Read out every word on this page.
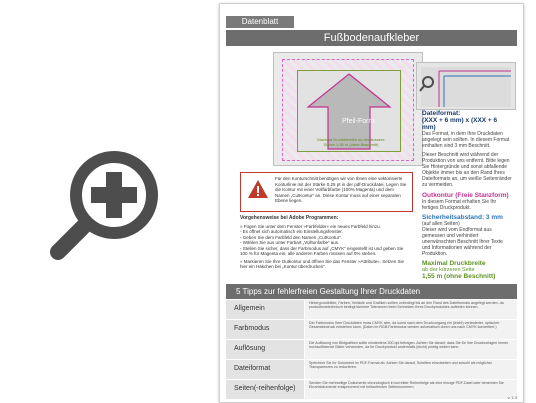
Datenblatt
Fußbodenaufkleber
Pfeil-Form
Maximal Druckbereich so der äussere Sicher 1,55 m (ohne Beschnitt)
Dateiformat:
(XXX + 6 mm) x (XXX + 6 mm)
Das Format, in dem Ihre Druckdaten angelegt sein sollten. In diesem Format enthalten sind 3 mm Beschnitt.
Dieser Beschnitt wird während der Produktion von uns entfernt. Bitte legen Sie Hintergründe und sonst abfallende Objekte immer bis an den Rand Ihres Dateiformats an, um weiße Seitenränder zu vermeiden.
Outkontur (Freie Stanzform)
In diesem Format erhalten Sie Ihr fertiges Druckprodukt.
Sicherheitsabstand: 3 mm
(auf allen Seiten)
Dieser wird vom Endformat aus gemessen und verhindert unerwünschten Beschnitt Ihrer Texte und Informationen während der Produktion.
Maximal Druckbreite
ab der kürzeren Seite
1,55 m (ohne Beschnitt)
Für den Konturschnitt benötigen wir von Ihnen eine vektorisierte Konturlinie mit der Stärke 0,25 pt in der pdf-Druckdatei. Legen Sie die Kontur mit einer Vollfarbfarbe (100% Magenta) und dem Namen „CutKontur“ an. Diese Kontur muss auf einer separaten Ebene liegen.
Vorgehensweise bei Adobe Programmen:
» Fügen Sie unter dem Fenster »Farbfelder« ein neues Farbfeld hinzu.
- Es öffnet sich automatisch ein Einstellungsfenster.
- Geben Sie dem Farbfeld den Namen „CutKontur“.
- Wählen Sie aus unter Farbart „Volltonfarbe“ aus.
- Stellen Sie sicher, dass der Farbmodus auf „CMYK“ eingestellt ist und geben Sie 100 % für Magenta ein, alle anderen Farben müssen auf 0% stehen.
» Markieren Sie Ihre Outkontur und öffnen Sie das Fenster »Attribute«. Setzen Sie hier ein Häkchen bei „Kontur überdrucken“.
5 Tipps zur fehlerfreien Gestaltung Ihrer Druckdaten
Allgemein
Hintergrundbilder, Farben, Verläufe und Grafiken sollten unbedingt bis an den Rand des Dateiformats angelegt werden, da produktionstechnisch bedingt kleinere Toleranzen beim Schneiden Ihres Druckproduktes auftreten können.
Farbmodus
Der Farbmodus Ihrer Druckdaten muss CMYK sein, da sonst nach dem Druckvorgang ein (leicht) veränderter, optischer Gesamteindruck entstehen kann. (Daten im RGB-Farbmodus werden automatisch durch uns nach CMYK konvertiert.)
Auflösung
Die Auflösung von Bildgrafiken sollte mindestens 300 dpi betragen. Achten Sie darauf, dass Sie für Ihre Druckvorlagen immer hochauflösende Bilder verwenden, da Ihr Druckprodukt andernfalls (leicht) pixelig wirken kann.
Dateiformat
Speichern Sie Ihr Dokument im PDF-Format ab. Achten Sie darauf, Schriften einzubetten und sowohl als möglichst Transparenzen zu reduzieren.
Seiten(-reihenfolge)
Senden Sie mehrseitige Dokumente chronologisch in korrekter Reihenfolge als eine einzige PDF-Datei oder benennen Sie Einzeldokumente entsprechend mit fortlaufenden Seitennummern.
v. 1.3
